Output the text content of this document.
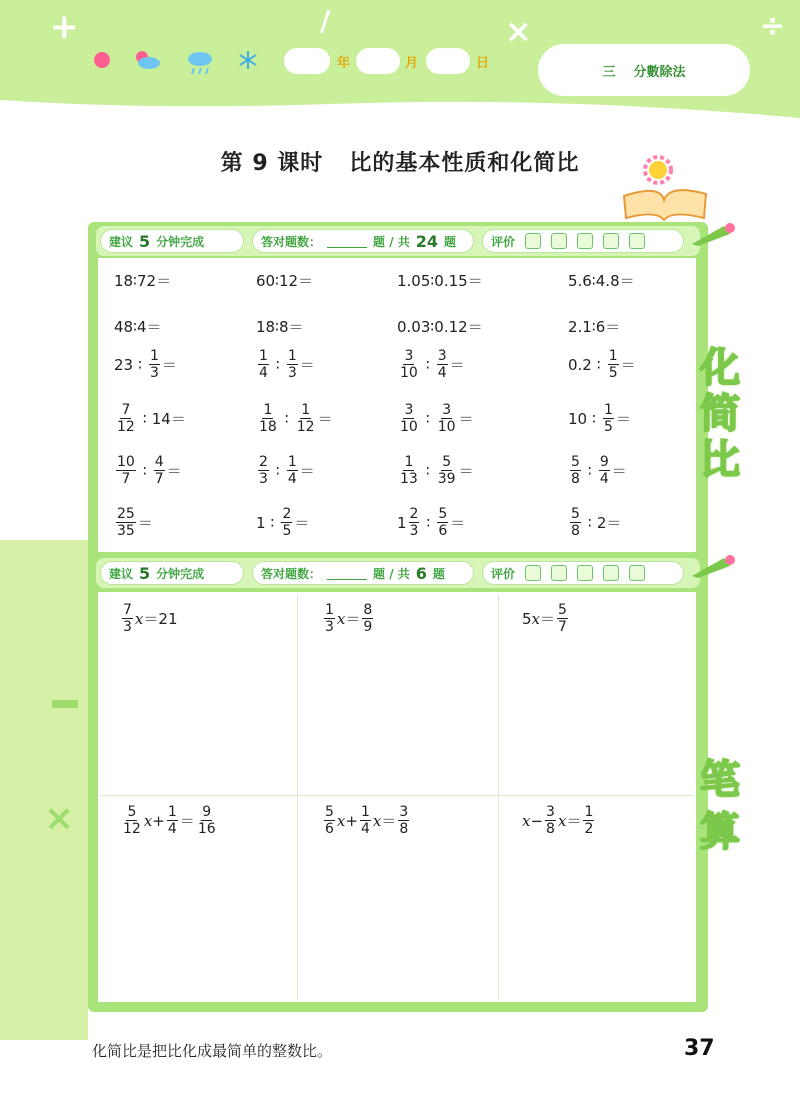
+	/	×	÷
年	月	日
三 分數除法
第 9 课时 比的基本性质和化简比
×
建议 5 分钟完成	答对题数：	题 / 共 24 题	评价
18∶72＝	60∶12＝	1.05∶0.15＝	5.6∶4.8＝
48∶4＝	18∶8＝	0.03∶0.12＝	2.1∶6＝
23 ∶ $\frac{1}{3}$ ＝	$\frac{1}{4}$ ∶ $\frac{1}{3}$ ＝	$\frac{3}{10}$ ∶ $\frac{3}{4}$ ＝	0.2 ∶ $\frac{1}{5}$ ＝
$\frac{7}{12}$ ∶ 14 ＝	$\frac{1}{18}$ ∶ $\frac{1}{12}$ ＝	$\frac{3}{10}$ ∶ $\frac{3}{10}$ ＝	10 ∶ $\frac{1}{5}$ ＝
$\frac{10}{7}$ ∶ $\frac{4}{7}$ ＝	$\frac{2}{3}$ ∶ $\frac{1}{4}$ ＝	$\frac{1}{13}$ ∶ $\frac{5}{39}$ ＝	$\frac{5}{8}$ ∶ $\frac{9}{4}$ ＝
$\frac{25}{35}$ ＝	1 ∶ $\frac{2}{5}$ ＝	$1 \frac{2}{3}$ ∶ $\frac{5}{6}$ ＝	$\frac{5}{8}$ ∶ 2 ＝
建议 5 分钟完成	答对题数：	题 / 共 6 题	评价
$\frac{7}{3}$ x ＝ 21	$\frac{1}{3}$ $x = \frac{8}{9}$	5 $x = \frac{5}{7}$
$\frac{5}{12}$ $x + \frac{1}{4} = \frac{9}{16}$	$\frac{5}{6}$ $x + \frac{1}{4}$ $x = \frac{3}{8}$	$x - \frac{3}{8}$ $x = \frac{1}{2}$
化
简
比
笔
算
化简比是把比化成最简单的整数比。	37
